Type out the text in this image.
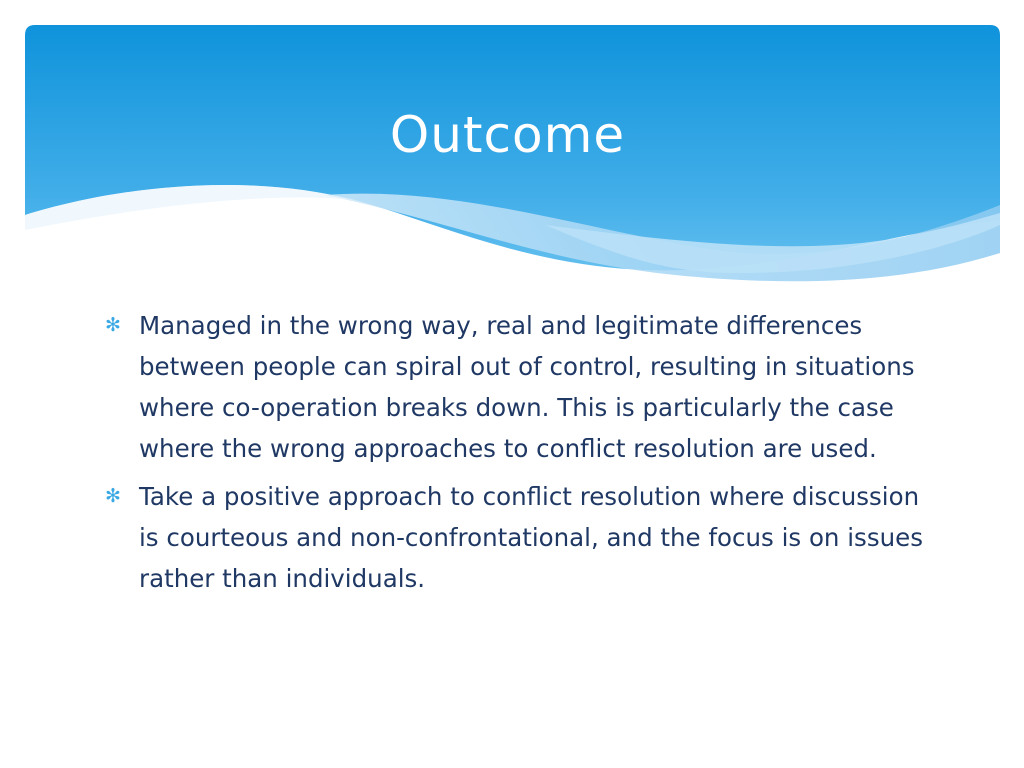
Outcome
✻ Managed in the wrong way, real and legitimate differences between people can spiral out of control, resulting in situations where co-operation breaks down. This is particularly the case where the wrong approaches to conflict resolution are used.
✻ Take a positive approach to conflict resolution where discussion is courteous and non-confrontational, and the focus is on issues rather than individuals.
